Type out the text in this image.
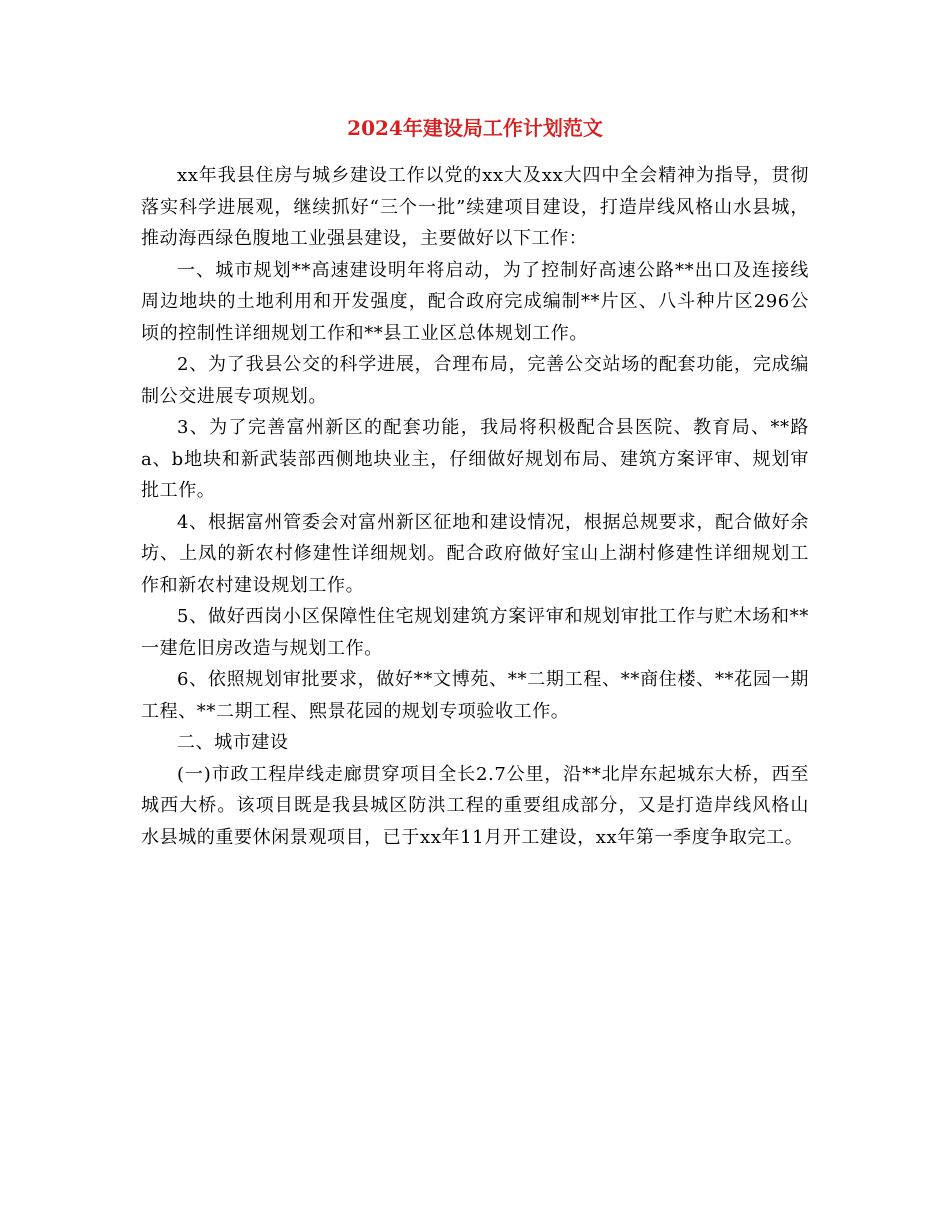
2024年建设局工作计划范文

xx年我县住房与城乡建设工作以党的xx大及xx大四中全会精神为指导，贯彻落实科学进展观，继续抓好“三个一批”续建项目建设，打造岸线风格山水县城，推动海西绿色腹地工业强县建设，主要做好以下工作：

一、城市规划**高速建设明年将启动，为了控制好高速公路**出口及连接线周边地块的土地利用和开发强度，配合政府完成编制**片区、八斗种片区296公顷的控制性详细规划工作和**县工业区总体规划工作。

2、为了我县公交的科学进展，合理布局，完善公交站场的配套功能，完成编制公交进展专项规划。

3、为了完善富州新区的配套功能，我局将积极配合县医院、教育局、**路a、b地块和新武装部西侧地块业主，仔细做好规划布局、建筑方案评审、规划审批工作。

4、根据富州管委会对富州新区征地和建设情况，根据总规要求，配合做好余坊、上凤的新农村修建性详细规划。配合政府做好宝山上湖村修建性详细规划工作和新农村建设规划工作。

5、做好西岗小区保障性住宅规划建筑方案评审和规划审批工作与贮木场和**一建危旧房改造与规划工作。

6、依照规划审批要求，做好**文博苑、**二期工程、**商住楼、**花园一期工程、**二期工程、熙景花园的规划专项验收工作。

二、城市建设

(一)市政工程岸线走廊贯穿项目全长2.7公里，沿**北岸东起城东大桥，西至城西大桥。该项目既是我县城区防洪工程的重要组成部分，又是打造岸线风格山水县城的重要休闲景观项目，已于xx年11月开工建设，xx年第一季度争取完工。
